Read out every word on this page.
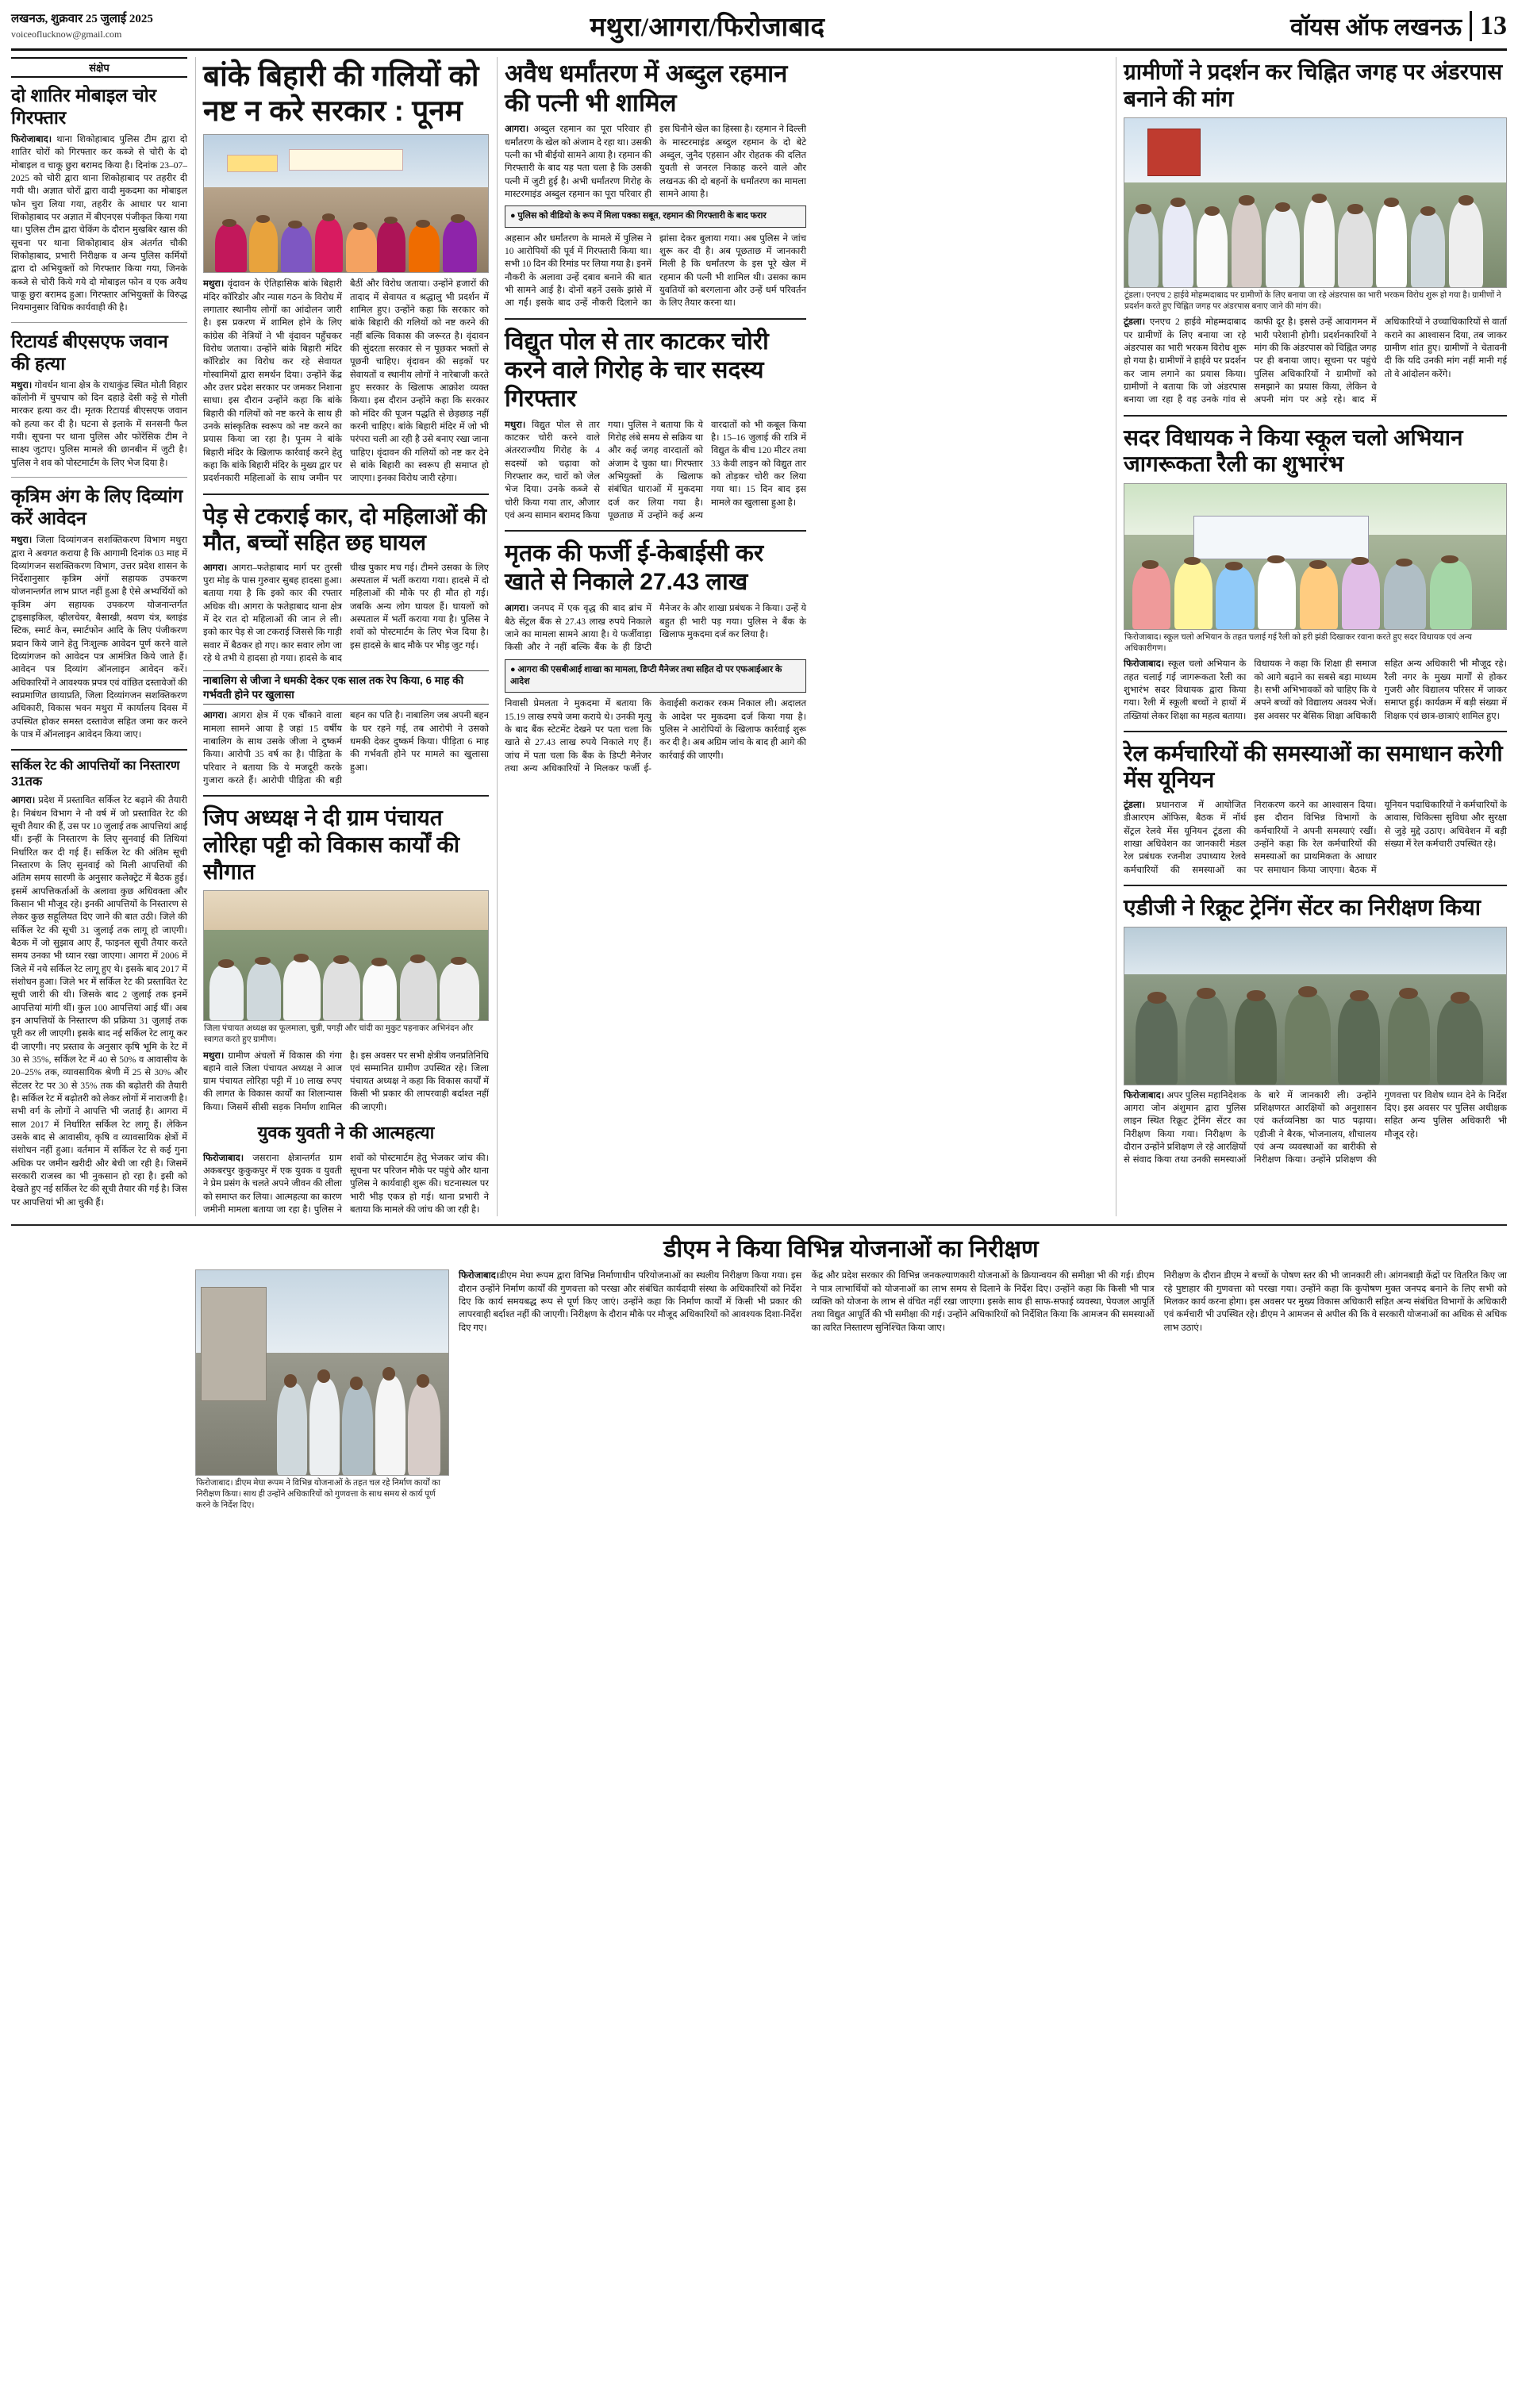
लखनऊ, शुक्रवार 25 जुलाई 2025
voiceoflucknow@gmail.com	मथुरा/आगरा/फिरोजाबाद	वॉयस ऑफ लखनऊ 13
संक्षेप
दो शातिर मोबाइल चोर गिरफ्तार
फिरोजाबाद। थाना शिकोहाबाद पुलिस टीम द्वारा दो शातिर चोरों को गिरफ्तार कर कब्जे से चोरी के दो मोबाइल व चाकू छुरा बरामद किया है। दिनांक 23–07–2025 को चोरी द्वारा थाना शिकोहाबाद पर तहरीर दी गयी थी। अज्ञात चोरों द्वारा वादी मुकदमा का मोबाइल फोन चुरा लिया गया, तहरीर के आधार पर थाना शिकोहाबाद पर अज्ञात में बीएनएस पंजीकृत किया गया था। पुलिस टीम द्वारा चेकिंग के दौरान मुखबिर खास की सूचना पर थाना शिकोहाबाद क्षेत्र अंतर्गत चौकी शिकोहाबाद, प्रभारी निरीक्षक व अन्य पुलिस कर्मियों द्वारा दो अभियुक्तों को गिरफ्तार किया गया, जिनके कब्जे से चोरी किये गये दो मोबाइल फोन व एक अवैध चाकू छुरा बरामद हुआ। गिरफ्तार अभियुक्तों के विरुद्ध नियमानुसार विधिक कार्यवाही की है।
रिटायर्ड बीएसएफ जवान की हत्या
मथुरा। गोवर्धन थाना क्षेत्र के राधाकुंड स्थित मोती विहार कॉलोनी में चुपचाप को दिन दहाड़े देसी कट्टे से गोली मारकर हत्या कर दी। मृतक रिटायर्ड बीएसएफ जवान को हत्या कर दी है। घटना से इलाके में सनसनी फैल गयी। सूचना पर थाना पुलिस और फोरेंसिक टीम ने साक्ष्य जुटाए। पुलिस मामले की छानबीन में जुटी है। पुलिस ने शव को पोस्टमार्टम के लिए भेज दिया है।
कृत्रिम अंग के लिए दिव्यांग करें आवेदन
मथुरा। जिला दिव्यांगजन सशक्तिकरण विभाग मथुरा द्वारा ने अवगत कराया है कि आगामी दिनांक 03 माह में दिव्यांगजन सशक्तिकरण विभाग, उत्तर प्रदेश शासन के निर्देशानुसार कृत्रिम अंगों सहायक उपकरण योजनान्तर्गत लाभ प्राप्त नहीं हुआ है ऐसे अभ्यर्थियों को कृत्रिम अंग सहायक उपकरण योजनान्तर्गत ट्राइसाइकिल, व्हीलचेयर, बैसाखी, श्रवण यंत्र, ब्लाइंड स्टिक, स्मार्ट केन, स्मार्टफोन आदि के लिए पंजीकरण प्रदान किये जाने हेतु निःशुल्क आवेदन पूर्ण करने वाले दिव्यांगजन को आवेदन पत्र आमंत्रित किये जाते हैं। आवेदन पत्र दिव्यांग ऑनलाइन आवेदन करें। अधिकारियों ने आवश्यक प्रपत्र एवं वांछित दस्तावेजों की स्वप्रमाणित छायाप्रति, जिला दिव्यांगजन सशक्तिकरण अधिकारी, विकास भवन मथुरा में कार्यालय दिवस में उपस्थित होकर समस्त दस्तावेज सहित जमा कर करने के पात्र में ऑनलाइन आवेदन किया जाए।
सर्किल रेट की आपत्तियों का निस्तारण 31तक
आगरा। प्रदेश में प्रस्तावित सर्किल रेट बढ़ाने की तैयारी है। निबंधन विभाग ने नौ वर्ष में जो प्रस्तावित रेट की सूची तैयार की हैं, उस पर 10 जुलाई तक आपत्तियां आई थीं। इन्हीं के निस्तारण के लिए सुनवाई की तिथियां निर्धारित कर दी गई हैं। सर्किल रेट की अंतिम सूची निस्तारण के लिए सुनवाई को मिली आपत्तियों की अंतिम समय सारणी के अनुसार कलेक्ट्रेट में बैठक हुई। इसमें आपत्तिकर्ताओं के अलावा कुछ अधिवक्ता और किसान भी मौजूद रहे। इनकी आपत्तियों के निस्तारण से लेकर कुछ सहूलियत दिए जाने की बात उठी। जिले की सर्किल रेट की सूची 31 जुलाई तक लागू हो जाएगी। बैठक में जो सुझाव आए हैं, फाइनल सूची तैयार करते समय उनका भी ध्यान रखा जाएगा। आगरा में 2006 में जिले में नये सर्किल रेट लागू हुए थे। इसके बाद 2017 में संशोधन हुआ। जिले भर में सर्किल रेट की प्रस्तावित रेट सूची जारी की थी। जिसके बाद 2 जुलाई तक इनमें आपत्तियां मांगी थीं। कुल 100 आपत्तियां आई थीं। अब इन आपत्तियों के निस्तारण की प्रक्रिया 31 जुलाई तक पूरी कर ली जाएगी। इसके बाद नई सर्किल रेट लागू कर दी जाएगी। नए प्रस्ताव के अनुसार कृषि भूमि के रेट में 30 से 35%, सर्किल रेट में 40 से 50% व आवासीय के 20–25% तक, व्यावसायिक श्रेणी में 25 से 30% और सेंटलर रेट पर 30 से 35% तक की बढ़ोतरी की तैयारी है। सर्किल रेट में बढ़ोतरी को लेकर लोगों में नाराजगी है। सभी वर्ग के लोगों ने आपत्ति भी जताई है। आगरा में साल 2017 में निर्धारित सर्किल रेट लागू हैं। लेकिन उसके बाद से आवासीय, कृषि व व्यावसायिक क्षेत्रों में संशोधन नहीं हुआ। वर्तमान में सर्किल रेट से कई गुना अधिक पर जमीन खरीदी और बेची जा रही है। जिसमें सरकारी राजस्व का भी नुकसान हो रहा है। इसी को देखते हुए नई सर्किल रेट की सूची तैयार की गई है। जिस पर आपत्तियां भी आ चुकी हैं।
बांके बिहारी की गलियों को नष्ट न करे सरकार : पूनम
मथुरा। वृंदावन के ऐतिहासिक बांके बिहारी मंदिर कॉरिडोर और न्यास गठन के विरोध में लगातार स्थानीय लोगों का आंदोलन जारी है। इस प्रकरण में शामिल होने के लिए कांग्रेस की नेत्रियों ने भी वृंदावन पहुँचकर विरोध जताया। उन्होंने बांके बिहारी मंदिर कॉरिडोर का विरोध कर रहे सेवायत गोस्वामियों द्वारा समर्थन दिया। उन्होंने केंद्र और उत्तर प्रदेश सरकार पर जमकर निशाना साधा। इस दौरान उन्होंने कहा कि बांके बिहारी की गलियों को नष्ट करने के साथ ही उनके सांस्कृतिक स्वरूप को नष्ट करने का प्रयास किया जा रहा है। पूनम ने बांके बिहारी मंदिर के खिलाफ कार्रवाई करने हेतु कहा कि बांके बिहारी मंदिर के मुख्य द्वार पर प्रदर्शनकारी महिलाओं के साथ जमीन पर बैठीं और विरोध जताया। उन्होंने हजारों की तादाद में सेवायत व श्रद्धालु भी प्रदर्शन में शामिल हुए। उन्होंने कहा कि सरकार को बांके बिहारी की गलियों को नष्ट करने की नहीं बल्कि विकास की जरूरत है। वृंदावन की सुंदरता सरकार से न पूछकर भक्तों से पूछनी चाहिए। वृंदावन की सड़कों पर सेवायतों व स्थानीय लोगों ने नारेबाजी करते हुए सरकार के खिलाफ आक्रोश व्यक्त किया। इस दौरान उन्होंने कहा कि सरकार को मंदिर की पूजन पद्धति से छेड़छाड़ नहीं करनी चाहिए। बांके बिहारी मंदिर में जो भी परंपरा चली आ रही है उसे बनाए रखा जाना चाहिए। वृंदावन की गलियों को नष्ट कर देने से बांके बिहारी का स्वरूप ही समाप्त हो जाएगा। इनका विरोध जारी रहेगा।
पेड़ से टकराई कार, दो महिलाओं की मौत, बच्चों सहित छह घायल
आगरा। आगरा–फतेहाबाद मार्ग पर तुरसी पुरा मोड़ के पास गुरुवार सुबह हादसा हुआ। बताया गया है कि इको कार की रफ्तार अधिक थी। आगरा के फतेहाबाद थाना क्षेत्र में देर रात दो महिलाओं की जान ले ली। इको कार पेड़ से जा टकराई जिससे कि गाड़ी सवार में बैठकर हो गए। कार सवार लोग जा रहे थे तभी ये हादसा हो गया। हादसे के बाद चीख पुकार मच गई। टीमने उसका के लिए अस्पताल में भर्ती कराया गया। हादसे में दो महिलाओं की मौके पर ही मौत हो गई। जबकि अन्य लोग घायल हैं। घायलों को अस्पताल में भर्ती कराया गया है। पुलिस ने शवों को पोस्टमार्टम के लिए भेज दिया है। इस हादसे के बाद मौके पर भीड़ जुट गई।
नाबालिग से जीजा ने धमकी देकर एक साल तक रेप किया, 6 माह की गर्भवती होने पर खुलासा
आगरा। आगरा क्षेत्र में एक चौंकाने वाला मामला सामने आया है जहां 15 वर्षीय नाबालिग के साथ उसके जीजा ने दुष्कर्म किया। आरोपी 35 वर्ष का है। पीड़िता के परिवार ने बताया कि ये मजदूरी करके गुजारा करते हैं। आरोपी पीड़िता की बड़ी बहन का पति है। नाबालिग जब अपनी बहन के घर रहने गई, तब आरोपी ने उसको धमकी देकर दुष्कर्म किया। पीड़िता 6 माह की गर्भवती होने पर मामले का खुलासा हुआ।
जिप अध्यक्ष ने दी ग्राम पंचायत लोरिहा पट्टी को विकास कार्यों की सौगात
जिला पंचायत अध्यक्ष का फूलमाला, चुन्नी, पगड़ी और चांदी का मुकुट पहनाकर अभिनंदन और स्वागत करते हुए ग्रामीण।
मथुरा। ग्रामीण अंचलों में विकास की गंगा बहाने वाले जिला पंचायत अध्यक्ष ने आज ग्राम पंचायत लोरिहा पट्टी में 10 लाख रुपए की लागत के विकास कार्यों का शिलान्यास किया। जिसमें सीसी सड़क निर्माण शामिल है। इस अवसर पर सभी क्षेत्रीय जनप्रतिनिधि एवं सम्मानित ग्रामीण उपस्थित रहे। जिला पंचायत अध्यक्ष ने कहा कि विकास कार्यों में किसी भी प्रकार की लापरवाही बर्दाश्त नहीं की जाएगी।
युवक युवती ने की आत्महत्या
फिरोजाबाद। जसराना क्षेत्रान्तर्गत ग्राम अकबरपुर कुकुकपुर में एक युवक व युवती ने प्रेम प्रसंग के चलते अपने जीवन की लीला को समाप्त कर लिया। आत्महत्या का कारण जमीनी मामला बताया जा रहा है। पुलिस ने शवों को पोस्टमार्टम हेतु भेजकर जांच की। सूचना पर परिजन मौके पर पहुंचे और थाना पुलिस ने कार्यवाही शुरू की। घटनास्थल पर भारी भीड़ एकत्र हो गई। थाना प्रभारी ने बताया कि मामले की जांच की जा रही है।
अवैध धर्मांतरण में अब्दुल रहमान की पत्नी भी शामिल
आगरा। अब्दुल रहमान का पूरा परिवार ही धर्मांतरण के खेल को अंजाम दे रहा था। उसकी पत्नी का भी बीईयो सामने आया है। रहमान की गिरफ्तारी के बाद यह पता चला है कि उसकी पत्नी में जुटी हुई है। अभी धर्मांतरण गिरोह के मास्टरमाइंड अब्दुल रहमान का पूरा परिवार ही इस घिनौने खेल का हिस्सा है। रहमान ने दिल्ली के मास्टरमाइंड अब्दुल रहमान के दो बेटे अब्दुल, जुनैद एहसान और रोहतक की दलित युवती से जनरल निकाह करने वाले और लखनऊ की दो बहनों के धर्मांतरण का मामला सामने आया है।
● पुलिस को वीडियो के रूप में मिला पक्का सबूत, रहमान की गिरफ्तारी के बाद फरार
अहसान और धर्मांतरण के मामले में पुलिस ने 10 आरोपियों की पूर्व में गिरफ्तारी किया था। सभी 10 दिन की रिमांड पर लिया गया है। इनमें नौकरी के अलावा उन्हें दबाव बनाने की बात भी सामने आई है। दोनों बहनें उसके झांसे में आ गईं। इसके बाद उन्हें नौकरी दिलाने का झांसा देकर बुलाया गया। अब पुलिस ने जांच शुरू कर दी है। अब पूछताछ में जानकारी मिली है कि धर्मांतरण के इस पूरे खेल में रहमान की पत्नी भी शामिल थी। उसका काम युवतियों को बरगलाना और उन्हें धर्म परिवर्तन के लिए तैयार करना था।
विद्युत पोल से तार काटकर चोरी करने वाले गिरोह के चार सदस्य गिरफ्तार
मथुरा। विद्युत पोल से तार काटकर चोरी करने वाले अंतरराज्यीय गिरोह के 4 सदस्यों को चढ़ावा को गिरफ्तार कर, चारों को जेल भेज दिया। उनके कब्जे से चोरी किया गया तार, औजार एवं अन्य सामान बरामद किया गया। पुलिस ने बताया कि ये गिरोह लंबे समय से सक्रिय था और कई जगह वारदातों को अंजाम दे चुका था। गिरफ्तार अभियुक्तों के खिलाफ संबंधित धाराओं में मुकदमा दर्ज कर लिया गया है। पूछताछ में उन्होंने कई अन्य वारदातों को भी कबूल किया है। 15–16 जुलाई की रात्रि में विद्युत के बीच 120 मीटर तथा 33 केवी लाइन को विद्युत तार को तोड़कर चोरी कर लिया गया था। 15 दिन बाद इस मामले का खुलासा हुआ है।
मृतक की फर्जी ई-केबाईसी कर खाते से निकाले 27.43 लाख
आगरा। जनपद में एक वृद्ध की बाद ब्रांच में बैठे सेंट्रल बैंक से 27.43 लाख रुपये निकाले जाने का मामला सामने आया है। ये फर्जीवाड़ा किसी और ने नहीं बल्कि बैंक के ही डिप्टी मैनेजर के और शाखा प्रबंधक ने किया। उन्हें ये बहुत ही भारी पड़ गया। पुलिस ने बैंक के खिलाफ मुकदमा दर्ज कर लिया है।
● आगरा की एसबीआई शाखा का मामला, डिप्टी मैनेजर तथा सहित दो पर एफआईआर के आदेश
निवासी प्रेमलता ने मुकदमा में बताया कि 15.19 लाख रुपये जमा कराये थे। उनकी मृत्यु के बाद बैंक स्टेटमेंट देखने पर पता चला कि खाते से 27.43 लाख रुपये निकाले गए हैं। जांच में पता चला कि बैंक के डिप्टी मैनेजर तथा अन्य अधिकारियों ने मिलकर फर्जी ई-केवाईसी कराकर रकम निकाल ली। अदालत के आदेश पर मुकदमा दर्ज किया गया है। पुलिस ने आरोपियों के खिलाफ कार्रवाई शुरू कर दी है। अब अग्रिम जांच के बाद ही आगे की कार्रवाई की जाएगी।
ग्रामीणों ने प्रदर्शन कर चिह्नित जगह पर अंडरपास बनाने की मांग
टूंडला। एनएच 2 हाईवे मोहम्मदाबाद पर ग्रामीणों के लिए बनाया जा रहे अंडरपास का भारी भरकम विरोध शुरू हो गया है। ग्रामीणों ने प्रदर्शन करते हुए चिह्नित जगह पर अंडरपास बनाए जाने की मांग की।
टूंडला। एनएच 2 हाईवे मोहम्मदाबाद पर ग्रामीणों के लिए बनाया जा रहे अंडरपास का भारी भरकम विरोध शुरू हो गया है। ग्रामीणों ने हाईवे पर प्रदर्शन कर जाम लगाने का प्रयास किया। ग्रामीणों ने बताया कि जो अंडरपास बनाया जा रहा है वह उनके गांव से काफी दूर है। इससे उन्हें आवागमन में भारी परेशानी होगी। प्रदर्शनकारियों ने मांग की कि अंडरपास को चिह्नित जगह पर ही बनाया जाए। सूचना पर पहुंचे पुलिस अधिकारियों ने ग्रामीणों को समझाने का प्रयास किया, लेकिन वे अपनी मांग पर अड़े रहे। बाद में अधिकारियों ने उच्चाधिकारियों से वार्ता कराने का आश्वासन दिया, तब जाकर ग्रामीण शांत हुए। ग्रामीणों ने चेतावनी दी कि यदि उनकी मांग नहीं मानी गई तो वे आंदोलन करेंगे।
सदर विधायक ने किया स्कूल चलो अभियान जागरूकता रैली का शुभारंभ
फिरोजाबाद। स्कूल चलो अभियान के तहत चलाई गई रैली को हरी झंडी दिखाकर रवाना करते हुए सदर विधायक एवं अन्य अधिकारीगण।
फिरोजाबाद। स्कूल चलो अभियान के तहत चलाई गई जागरूकता रैली का शुभारंभ सदर विधायक द्वारा किया गया। रैली में स्कूली बच्चों ने हाथों में तख्तियां लेकर शिक्षा का महत्व बताया। विधायक ने कहा कि शिक्षा ही समाज को आगे बढ़ाने का सबसे बड़ा माध्यम है। सभी अभिभावकों को चाहिए कि वे अपने बच्चों को विद्यालय अवश्य भेजें। इस अवसर पर बेसिक शिक्षा अधिकारी सहित अन्य अधिकारी भी मौजूद रहे। रैली नगर के मुख्य मार्गों से होकर गुजरी और विद्यालय परिसर में जाकर समाप्त हुई। कार्यक्रम में बड़ी संख्या में शिक्षक एवं छात्र-छात्राएं शामिल हुए।
रेल कर्मचारियों की समस्याओं का समाधान करेगी मेंस यूनियन
टूंडला। प्रधानराज में आयोजित डीआरएम ऑफिस, बैठक में नॉर्थ सेंट्रल रेलवे मेंस यूनियन टूंडला की शाखा अधिवेशन का जानकारी मंडल रेल प्रबंधक रजनीश उपाध्याय रेलवे कर्मचारियों की समस्याओं का निराकरण करने का आश्वासन दिया। इस दौरान विभिन्न विभागों के कर्मचारियों ने अपनी समस्याएं रखीं। उन्होंने कहा कि रेल कर्मचारियों की समस्याओं का प्राथमिकता के आधार पर समाधान किया जाएगा। बैठक में यूनियन पदाधिकारियों ने कर्मचारियों के आवास, चिकित्सा सुविधा और सुरक्षा से जुड़े मुद्दे उठाए। अधिवेशन में बड़ी संख्या में रेल कर्मचारी उपस्थित रहे।
एडीजी ने रिक्रूट ट्रेनिंग सेंटर का निरीक्षण किया
फिरोजाबाद। अपर पुलिस महानिदेशक आगरा जोन अंशुमान द्वारा पुलिस लाइन स्थित रिक्रूट ट्रेनिंग सेंटर का निरीक्षण किया गया। निरीक्षण के दौरान उन्होंने प्रशिक्षण ले रहे आरक्षियों से संवाद किया तथा उनकी समस्याओं के बारे में जानकारी ली। उन्होंने प्रशिक्षणरत आरक्षियों को अनुशासन एवं कर्तव्यनिष्ठा का पाठ पढ़ाया। एडीजी ने बैरक, भोजनालय, शौचालय एवं अन्य व्यवस्थाओं का बारीकी से निरीक्षण किया। उन्होंने प्रशिक्षण की गुणवत्ता पर विशेष ध्यान देने के निर्देश दिए। इस अवसर पर पुलिस अधीक्षक सहित अन्य पुलिस अधिकारी भी मौजूद रहे।
डीएम ने किया विभिन्न योजनाओं का निरीक्षण
फिरोजाबाद। डीएम मेघा रूपम ने विभिन्न योजनाओं के तहत चल रहे निर्माण कार्यों का निरीक्षण किया। साथ ही उन्होंने अधिकारियों को गुणवत्ता के साथ समय से कार्य पूर्ण करने के निर्देश दिए।
फिरोजाबाद।डीएम मेघा रूपम द्वारा विभिन्न निर्माणाधीन परियोजनाओं का स्थलीय निरीक्षण किया गया। इस दौरान उन्होंने निर्माण कार्यों की गुणवत्ता को परखा और संबंधित कार्यदायी संस्था के अधिकारियों को निर्देश दिए कि कार्य समयबद्ध रूप से पूर्ण किए जाएं। उन्होंने कहा कि निर्माण कार्यों में किसी भी प्रकार की लापरवाही बर्दाश्त नहीं की जाएगी। निरीक्षण के दौरान मौके पर मौजूद अधिकारियों को आवश्यक दिशा-निर्देश दिए गए।
केंद्र और प्रदेश सरकार की विभिन्न जनकल्याणकारी योजनाओं के क्रियान्वयन की समीक्षा भी की गई। डीएम ने पात्र लाभार्थियों को योजनाओं का लाभ समय से दिलाने के निर्देश दिए। उन्होंने कहा कि किसी भी पात्र व्यक्ति को योजना के लाभ से वंचित नहीं रखा जाएगा। इसके साथ ही साफ-सफाई व्यवस्था, पेयजल आपूर्ति तथा विद्युत आपूर्ति की भी समीक्षा की गई। उन्होंने अधिकारियों को निर्देशित किया कि आमजन की समस्याओं का त्वरित निस्तारण सुनिश्चित किया जाए।
निरीक्षण के दौरान डीएम ने बच्चों के पोषण स्तर की भी जानकारी ली। आंगनबाड़ी केंद्रों पर वितरित किए जा रहे पुष्टाहार की गुणवत्ता को परखा गया। उन्होंने कहा कि कुपोषण मुक्त जनपद बनाने के लिए सभी को मिलकर कार्य करना होगा। इस अवसर पर मुख्य विकास अधिकारी सहित अन्य संबंधित विभागों के अधिकारी एवं कर्मचारी भी उपस्थित रहे। डीएम ने आमजन से अपील की कि वे सरकारी योजनाओं का अधिक से अधिक लाभ उठाएं।
